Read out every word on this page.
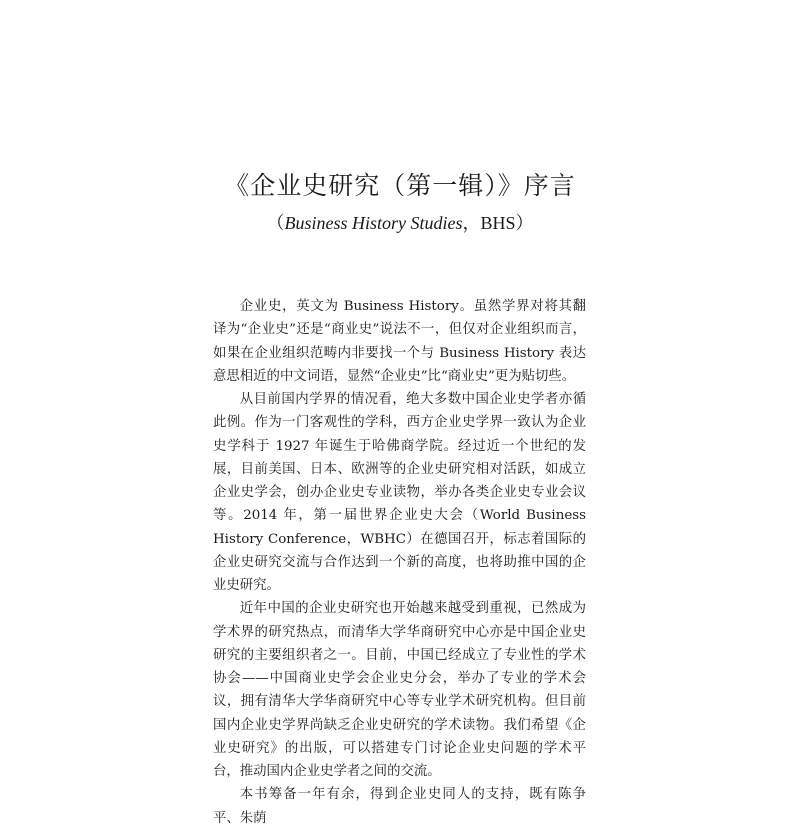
《企业史研究（第一辑）》序言
（Business History Studies，BHS）

企业史，英文为 Business History。虽然学界对将其翻译为“企业史”还是“商业史”说法不一，但仅对企业组织而言，如果在企业组织范畴内非要找一个与 Business History 表达意思相近的中文词语，显然“企业史”比“商业史”更为贴切些。

从目前国内学界的情况看，绝大多数中国企业史学者亦循此例。作为一门客观性的学科，西方企业史学界一致认为企业史学科于 1927 年诞生于哈佛商学院。经过近一个世纪的发展，目前美国、日本、欧洲等的企业史研究相对活跃，如成立企业史学会，创办企业史专业读物，举办各类企业史专业会议等。2014 年，第一届世界企业史大会（World Business History Conference，WBHC）在德国召开，标志着国际的企业史研究交流与合作达到一个新的高度，也将助推中国的企业史研究。

近年中国的企业史研究也开始越来越受到重视，已然成为学术界的研究热点，而清华大学华商研究中心亦是中国企业史研究的主要组织者之一。目前，中国已经成立了专业性的学术协会——中国商业史学会企业史分会，举办了专业的学术会议，拥有清华大学华商研究中心等专业学术研究机构。但目前国内企业史学界尚缺乏企业史研究的学术读物。我们希望《企业史研究》的出版，可以搭建专门讨论企业史问题的学术平台，推动国内企业史学者之间的交流。

本书筹备一年有余，得到企业史同人的支持，既有陈争平、朱荫
